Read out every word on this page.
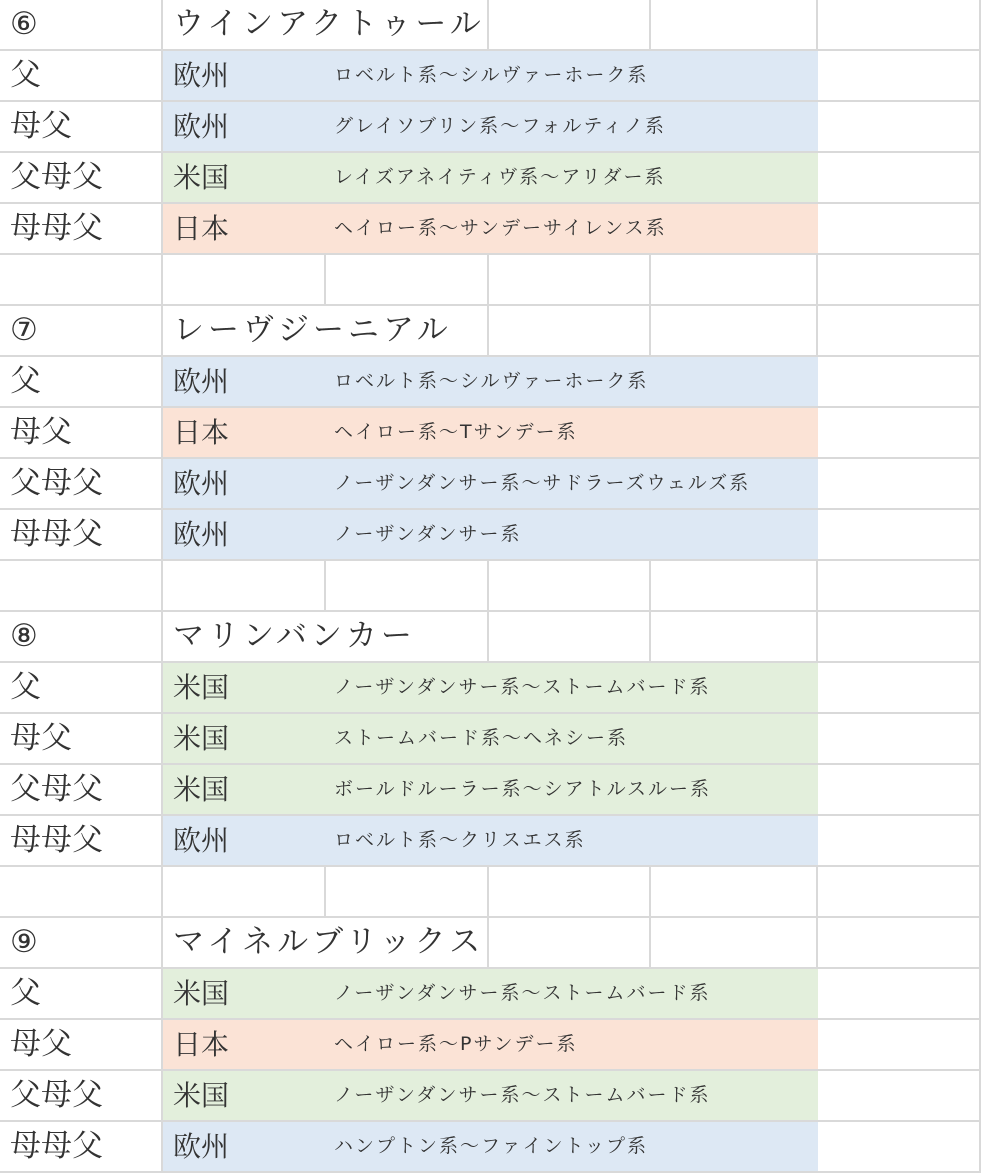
⑥	ウインアクトゥール
父	欧州	ロベルト系～シルヴァーホーク系
母父	欧州	グレイソブリン系～フォルティノ系
父母父	米国	レイズアネイティヴ系～アリダー系
母母父	日本	ヘイロー系～サンデーサイレンス系
⑦	レーヴジーニアル
父	欧州	ロベルト系～シルヴァーホーク系
母父	日本	ヘイロー系～Tサンデー系
父母父	欧州	ノーザンダンサー系～サドラーズウェルズ系
母母父	欧州	ノーザンダンサー系
⑧	マリンバンカー
父	米国	ノーザンダンサー系～ストームバード系
母父	米国	ストームバード系～ヘネシー系
父母父	米国	ボールドルーラー系～シアトルスルー系
母母父	欧州	ロベルト系～クリスエス系
⑨	マイネルブリックス
父	米国	ノーザンダンサー系～ストームバード系
母父	日本	ヘイロー系～Pサンデー系
父母父	米国	ノーザンダンサー系～ストームバード系
母母父	欧州	ハンプトン系～ファイントップ系
